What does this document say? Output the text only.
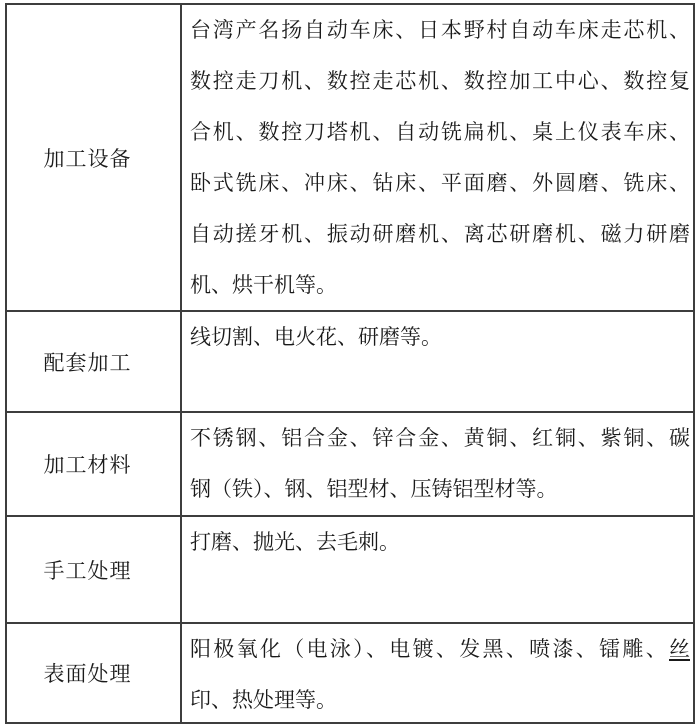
加工设备
台湾产名扬自动车床、日本野村自动车床走芯机、
数控走刀机、数控走芯机、数控加工中心、数控复
合机、数控刀塔机、自动铣扁机、桌上仪表车床、
卧式铣床、冲床、钻床、平面磨、外圆磨、铣床、
自动搓牙机、振动研磨机、离芯研磨机、磁力研磨
机、烘干机等。
配套加工
线切割、电火花、研磨等。
加工材料
不锈钢、铝合金、锌合金、黄铜、红铜、紫铜、碳
钢（铁）、钢、铝型材、压铸铝型材等。
手工处理
打磨、抛光、去毛刺。
表面处理
阳极氧化（电泳）、电镀、发黑、喷漆、镭雕、丝
印、热处理等。
